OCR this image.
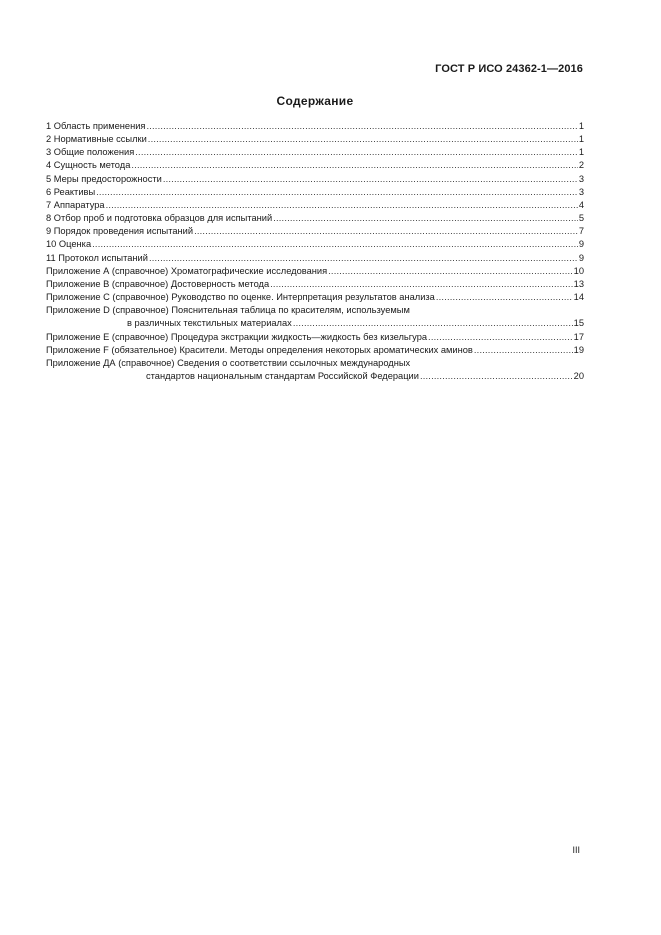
ГОСТ Р ИСО 24362-1—2016
Содержание
1 Область применения .....	1
2 Нормативные ссылки .....	1
3 Общие положения .....	1
4 Сущность метода .....	2
5 Меры предосторожности .....	3
6 Реактивы .....	3
7 Аппаратура .....	4
8 Отбор проб и подготовка образцов для испытаний .....	5
9 Порядок проведения испытаний .....	7
10 Оценка .....	9
11 Протокол испытаний .....	9
Приложение А (справочное) Хроматографические исследования .....	10
Приложение В (справочное) Достоверность метода .....	13
Приложение С (справочное) Руководство по оценке. Интерпретация результатов анализа .....	14
Приложение D (справочное) Пояснительная таблица по красителям, используемым
в различных текстильных материалах .....	15
Приложение Е (справочное) Процедура экстракции жидкость—жидкость без кизельгура .....	17
Приложение F (обязательное) Красители. Методы определения некоторых ароматических аминов .....	19
Приложение ДА (справочное) Сведения о соответствии ссылочных международных
стандартов национальным стандартам Российской Федерации .....	20
III
